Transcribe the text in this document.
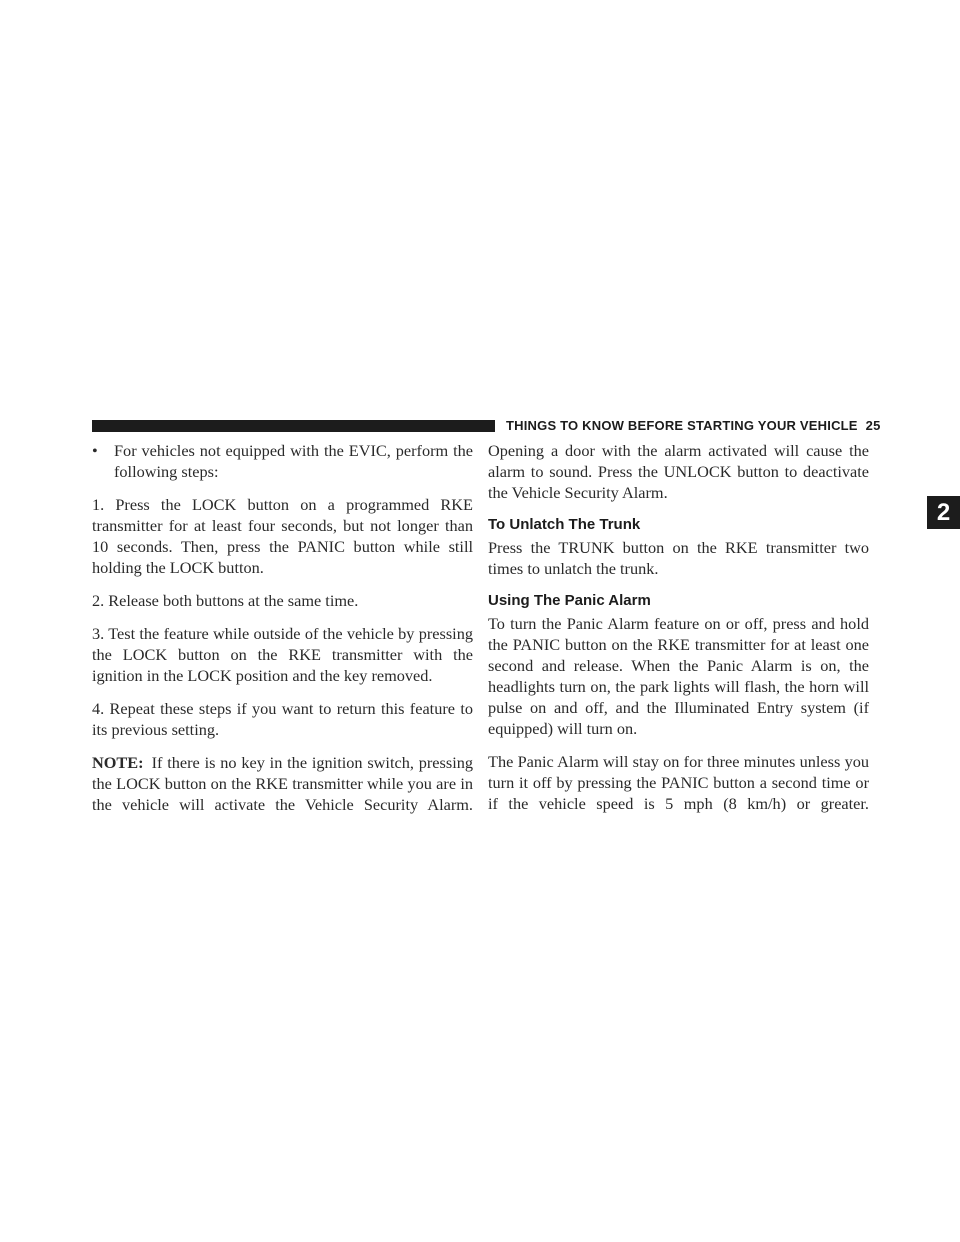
THINGS TO KNOW BEFORE STARTING YOUR VEHICLE 25
2

• For vehicles not equipped with the EVIC, perform the following steps:

1. Press the LOCK button on a programmed RKE transmitter for at least four seconds, but not longer than 10 seconds. Then, press the PANIC button while still holding the LOCK button.

2. Release both buttons at the same time.

3. Test the feature while outside of the vehicle by pressing the LOCK button on the RKE transmitter with the ignition in the LOCK position and the key removed.

4. Repeat these steps if you want to return this feature to its previous setting.

NOTE: If there is no key in the ignition switch, pressing the LOCK button on the RKE transmitter while you are in the vehicle will activate the Vehicle Security Alarm.

Opening a door with the alarm activated will cause the alarm to sound. Press the UNLOCK button to deactivate the Vehicle Security Alarm.

To Unlatch The Trunk

Press the TRUNK button on the RKE transmitter two times to unlatch the trunk.

Using The Panic Alarm

To turn the Panic Alarm feature on or off, press and hold the PANIC button on the RKE transmitter for at least one second and release. When the Panic Alarm is on, the headlights turn on, the park lights will flash, the horn will pulse on and off, and the Illuminated Entry system (if equipped) will turn on.

The Panic Alarm will stay on for three minutes unless you turn it off by pressing the PANIC button a second time or if the vehicle speed is 5 mph (8 km/h) or greater.
